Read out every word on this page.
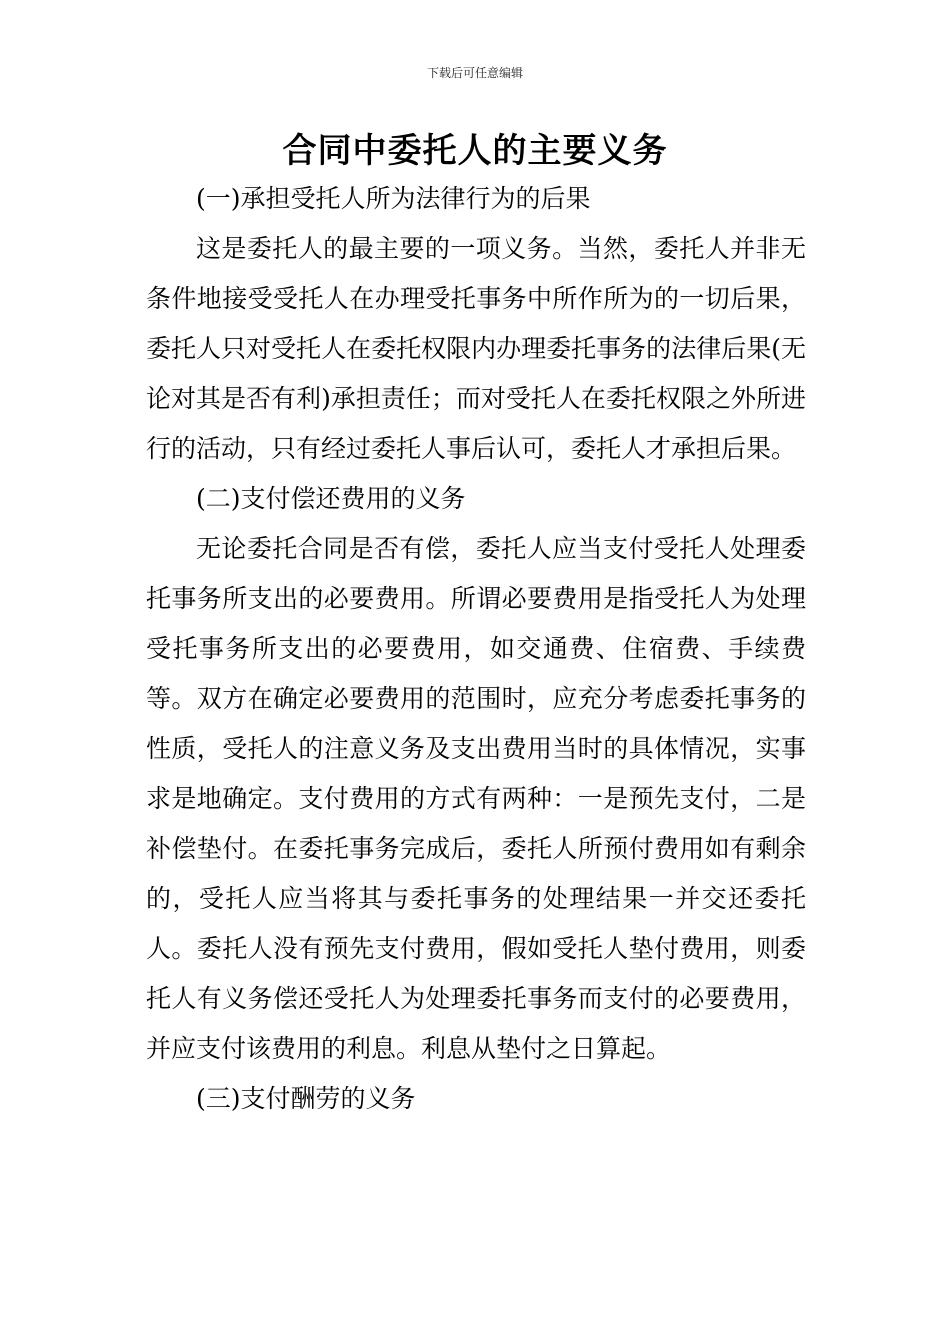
下载后可任意编辑
合同中委托人的主要义务

(一)承担受托人所为法律行为的后果

这是委托人的最主要的一项义务。当然，委托人并非无条件地接受受托人在办理受托事务中所作所为的一切后果，委托人只对受托人在委托权限内办理委托事务的法律后果(无论对其是否有利)承担责任；而对受托人在委托权限之外所进行的活动，只有经过委托人事后认可，委托人才承担后果。

(二)支付偿还费用的义务

无论委托合同是否有偿，委托人应当支付受托人处理委托事务所支出的必要费用。所谓必要费用是指受托人为处理受托事务所支出的必要费用，如交通费、住宿费、手续费等。双方在确定必要费用的范围时，应充分考虑委托事务的性质，受托人的注意义务及支出费用当时的具体情况，实事求是地确定。支付费用的方式有两种：一是预先支付，二是补偿垫付。在委托事务完成后，委托人所预付费用如有剩余的，受托人应当将其与委托事务的处理结果一并交还委托人。委托人没有预先支付费用，假如受托人垫付费用，则委托人有义务偿还受托人为处理委托事务而支付的必要费用，并应支付该费用的利息。利息从垫付之日算起。

(三)支付酬劳的义务
